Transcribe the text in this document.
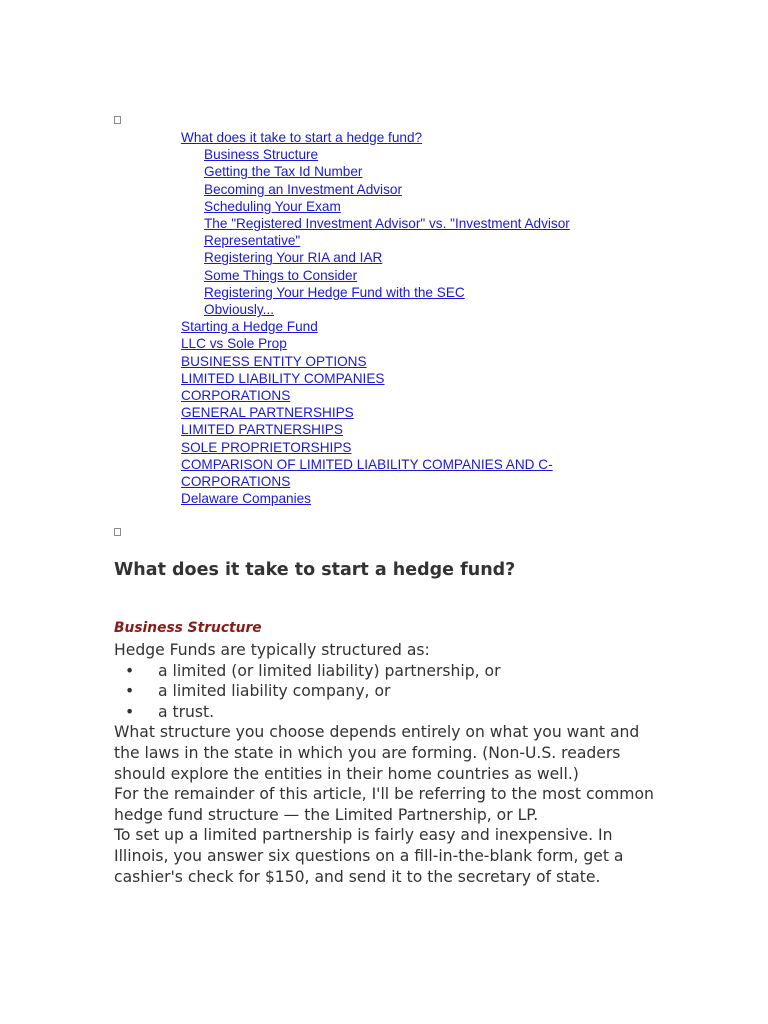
What does it take to start a hedge fund?
Business Structure
Getting the Tax Id Number
Becoming an Investment Advisor
Scheduling Your Exam
The "Registered Investment Advisor" vs. "Investment Advisor Representative"
Registering Your RIA and IAR
Some Things to Consider
Registering Your Hedge Fund with the SEC
Obviously...
Starting a Hedge Fund
LLC vs Sole Prop
BUSINESS ENTITY OPTIONS
LIMITED LIABILITY COMPANIES
CORPORATIONS
GENERAL PARTNERSHIPS
LIMITED PARTNERSHIPS
SOLE PROPRIETORSHIPS
COMPARISON OF LIMITED LIABILITY COMPANIES AND C-CORPORATIONS
Delaware Companies
What does it take to start a hedge fund?
Business Structure

Hedge Funds are typically structured as:

• a limited (or limited liability) partnership, or
• a limited liability company, or
• a trust.

What structure you choose depends entirely on what you want and the laws in the state in which you are forming. (Non-U.S. readers should explore the entities in their home countries as well.)

For the remainder of this article, I'll be referring to the most common hedge fund structure — the Limited Partnership, or LP.

To set up a limited partnership is fairly easy and inexpensive. In Illinois, you answer six questions on a fill-in-the-blank form, get a cashier's check for $150, and send it to the secretary of state.
